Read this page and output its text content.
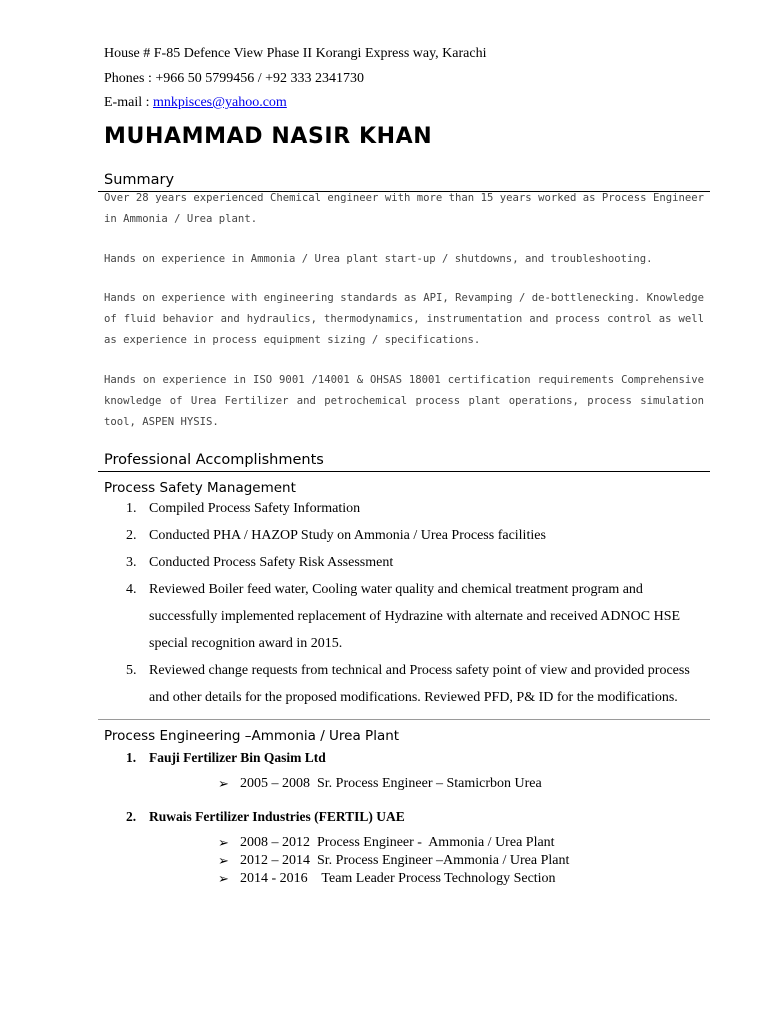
House # F-85 Defence View Phase II Korangi Express way, Karachi
Phones : +966 50 5799456 / +92 333 2341730
E-mail : mnkpisces@yahoo.com
MUHAMMAD NASIR KHAN
Summary

Over 28 years experienced Chemical engineer with more than 15 years worked as Process Engineer in Ammonia / Urea plant.

Hands on experience in Ammonia / Urea plant start-up / shutdowns, and troubleshooting.

Hands on experience with engineering standards as API, Revamping / de-bottlenecking. Knowledge of fluid behavior and hydraulics, thermodynamics, instrumentation and process control as well as experience in process equipment sizing / specifications.

Hands on experience in ISO 9001 /14001 & OHSAS 18001 certification requirements Comprehensive knowledge of Urea Fertilizer and petrochemical process plant operations, process simulation tool, ASPEN HYSIS.

Professional Accomplishments
Process Safety Management
1. Compiled Process Safety Information
2. Conducted PHA / HAZOP Study on Ammonia / Urea Process facilities
3. Conducted Process Safety Risk Assessment
4. Reviewed Boiler feed water, Cooling water quality and chemical treatment program and
successfully implemented replacement of Hydrazine with alternate and received ADNOC HSE
special recognition award in 2015.
5. Reviewed change requests from technical and Process safety point of view and provided process
and other details for the proposed modifications. Reviewed PFD, P& ID for the modifications.
Process Engineering –Ammonia / Urea Plant
1. Fauji Fertilizer Bin Qasim Ltd
➢ 2005 – 2008  Sr. Process Engineer – Stamicrbon Urea
2. Ruwais Fertilizer Industries (FERTIL) UAE
➢ 2008 – 2012  Process Engineer -  Ammonia / Urea Plant
➢ 2012 – 2014  Sr. Process Engineer –Ammonia / Urea Plant
➢ 2014 - 2016    Team Leader Process Technology Section
